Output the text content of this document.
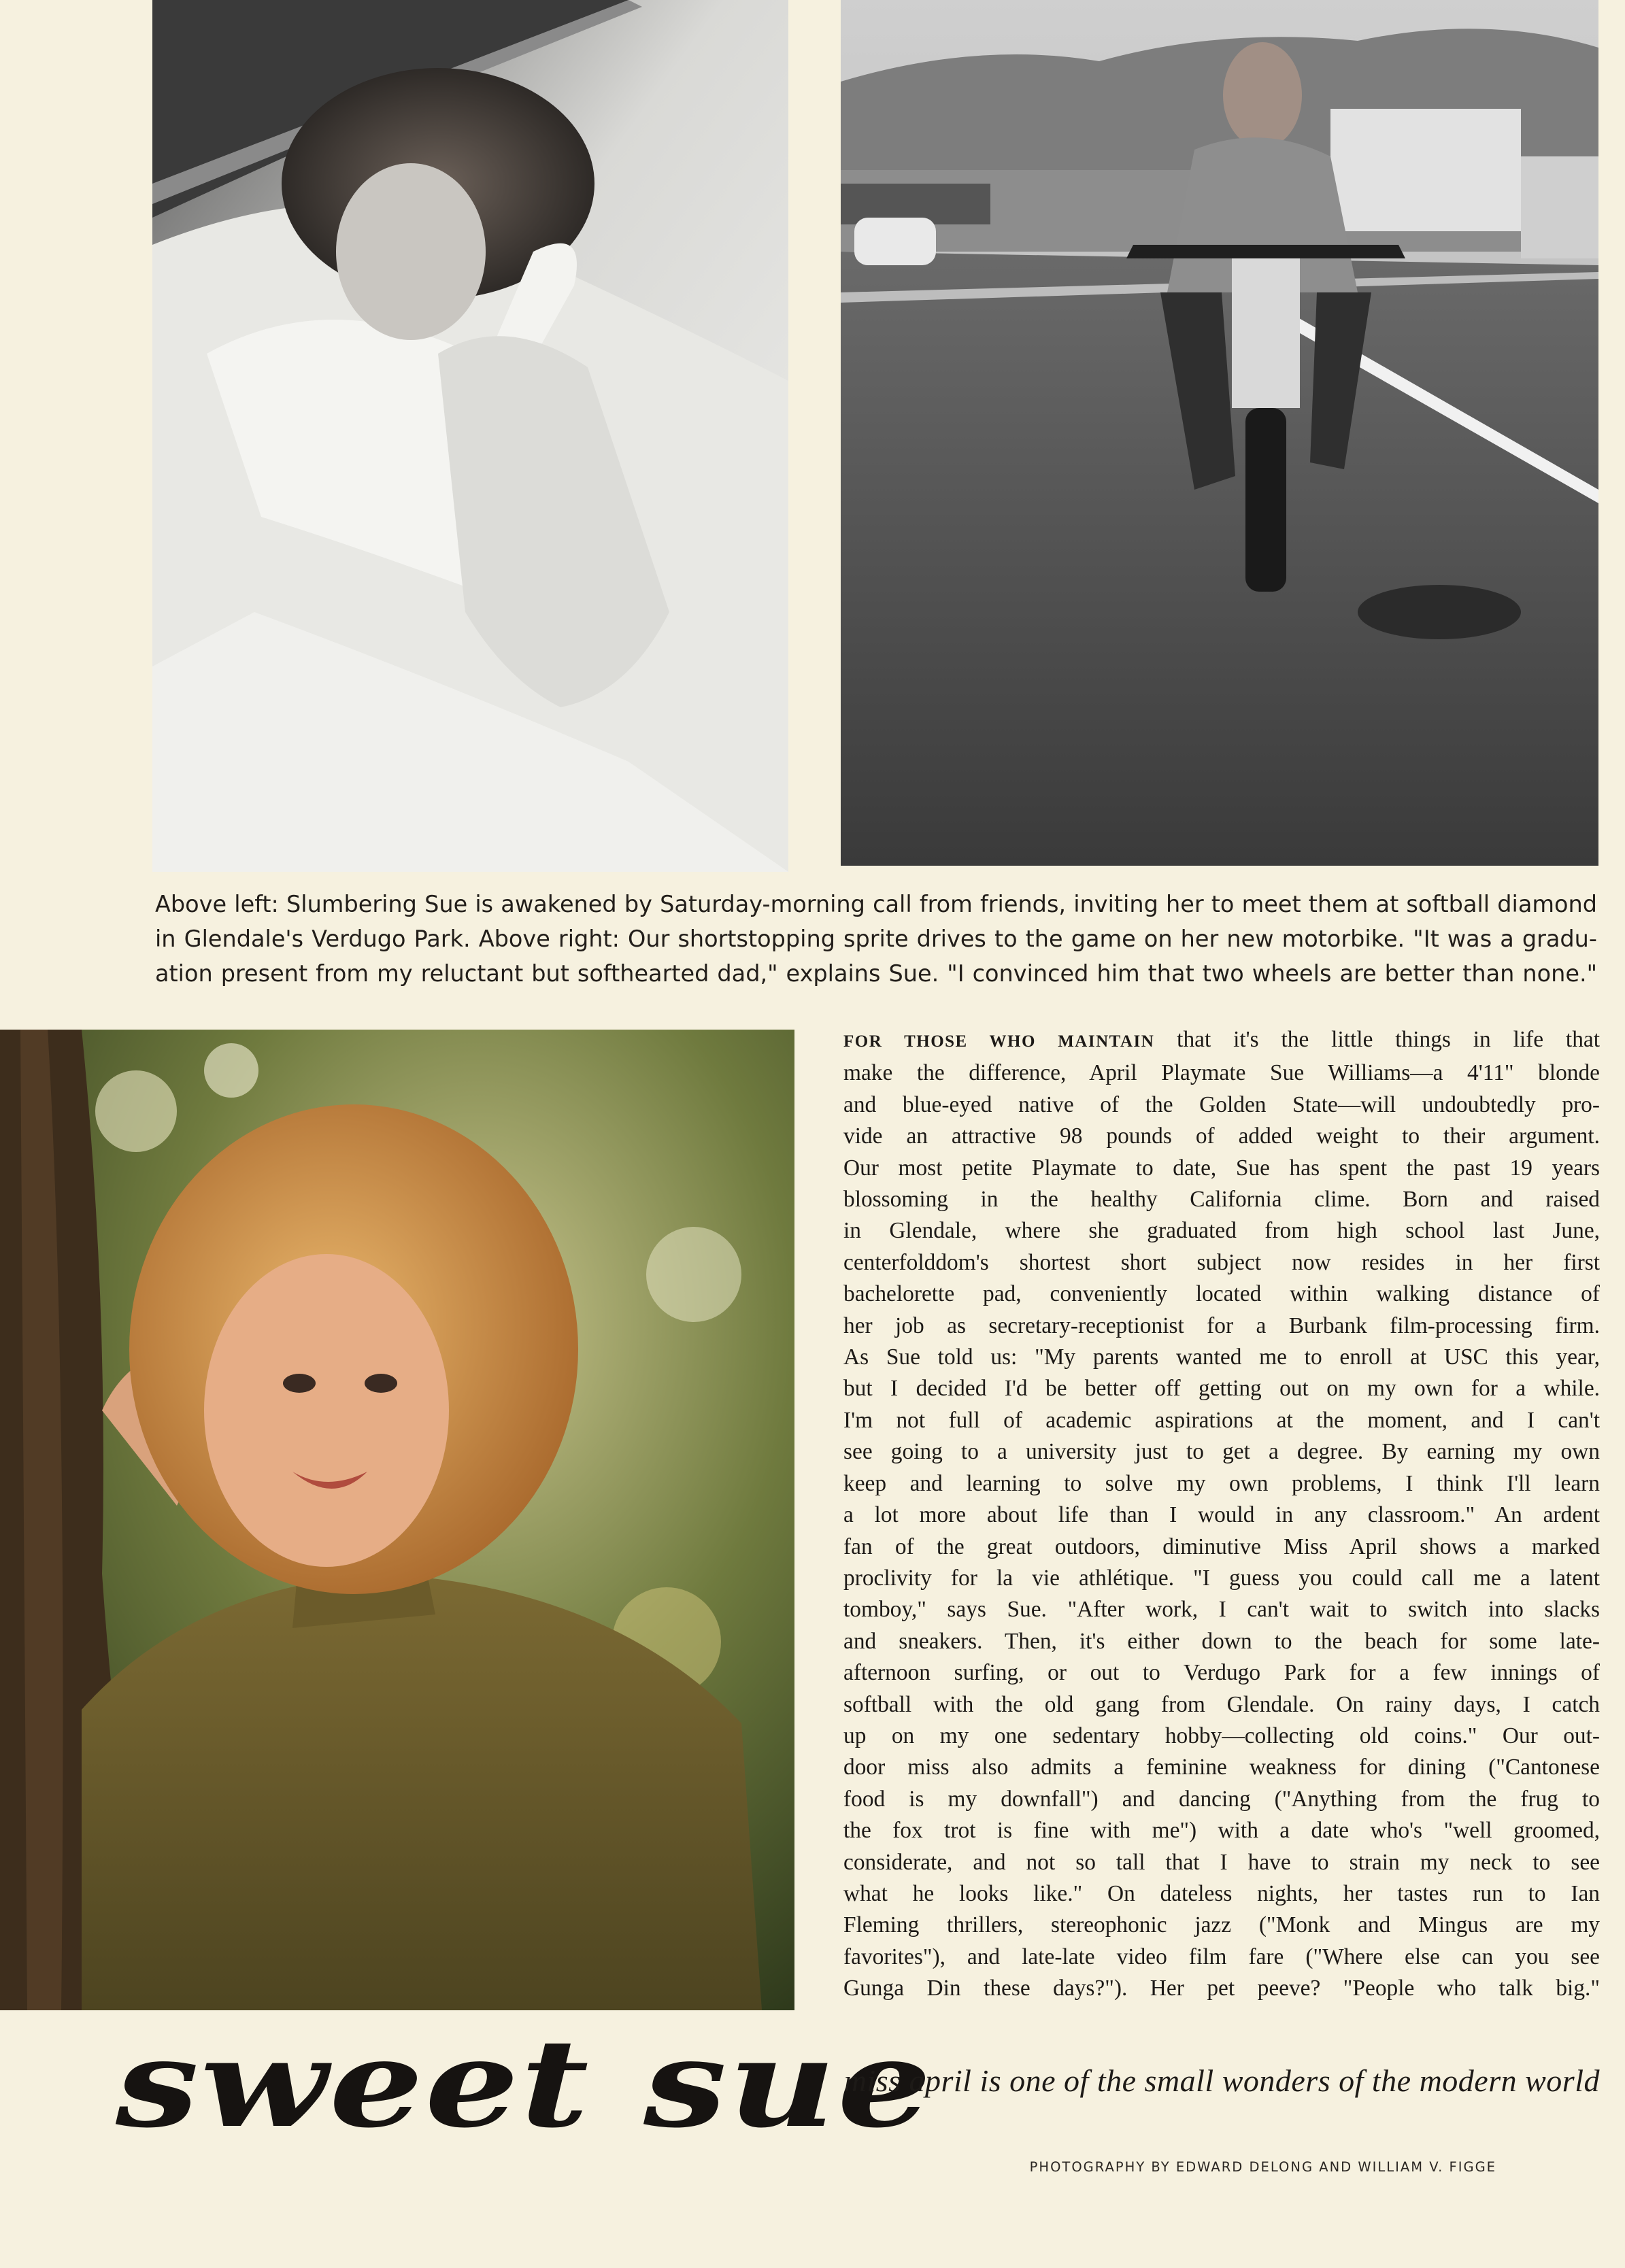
Above left: Slumbering Sue is awakened by Saturday-morning call from friends, inviting her to meet them at softball diamond
in Glendale's Verdugo Park. Above right: Our shortstopping sprite drives to the game on her new motorbike. "It was a gradu-
ation present from my reluctant but softhearted dad," explains Sue. "I convinced him that two wheels are better than none."
FOR THOSE WHO MAINTAIN that it's the little things in life that
make the difference, April Playmate Sue Williams—a 4'11" blonde
and blue-eyed native of the Golden State—will undoubtedly pro-
vide an attractive 98 pounds of added weight to their argument.
Our most petite Playmate to date, Sue has spent the past 19 years
blossoming in the healthy California clime. Born and raised
in Glendale, where she graduated from high school last June,
centerfolddom's shortest short subject now resides in her first
bachelorette pad, conveniently located within walking distance of
her job as secretary-receptionist for a Burbank film-processing firm.
As Sue told us: "My parents wanted me to enroll at USC this year,
but I decided I'd be better off getting out on my own for a while.
I'm not full of academic aspirations at the moment, and I can't
see going to a university just to get a degree. By earning my own
keep and learning to solve my own problems, I think I'll learn
a lot more about life than I would in any classroom." An ardent
fan of the great outdoors, diminutive Miss April shows a marked
proclivity for la vie athlétique. "I guess you could call me a latent
tomboy," says Sue. "After work, I can't wait to switch into slacks
and sneakers. Then, it's either down to the beach for some late-
afternoon surfing, or out to Verdugo Park for a few innings of
softball with the old gang from Glendale. On rainy days, I catch
up on my one sedentary hobby—collecting old coins." Our out-
door miss also admits a feminine weakness for dining ("Cantonese
food is my downfall") and dancing ("Anything from the frug to
the fox trot is fine with me") with a date who's "well groomed,
considerate, and not so tall that I have to strain my neck to see
what he looks like." On dateless nights, her tastes run to Ian
Fleming thrillers, stereophonic jazz ("Monk and Mingus are my
favorites"), and late-late video film fare ("Where else can you see
Gunga Din these days?"). Her pet peeve? "People who talk big."
sweet sue
miss april is one of the small wonders of the modern world
PHOTOGRAPHY BY EDWARD DELONG AND WILLIAM V. FIGGE
